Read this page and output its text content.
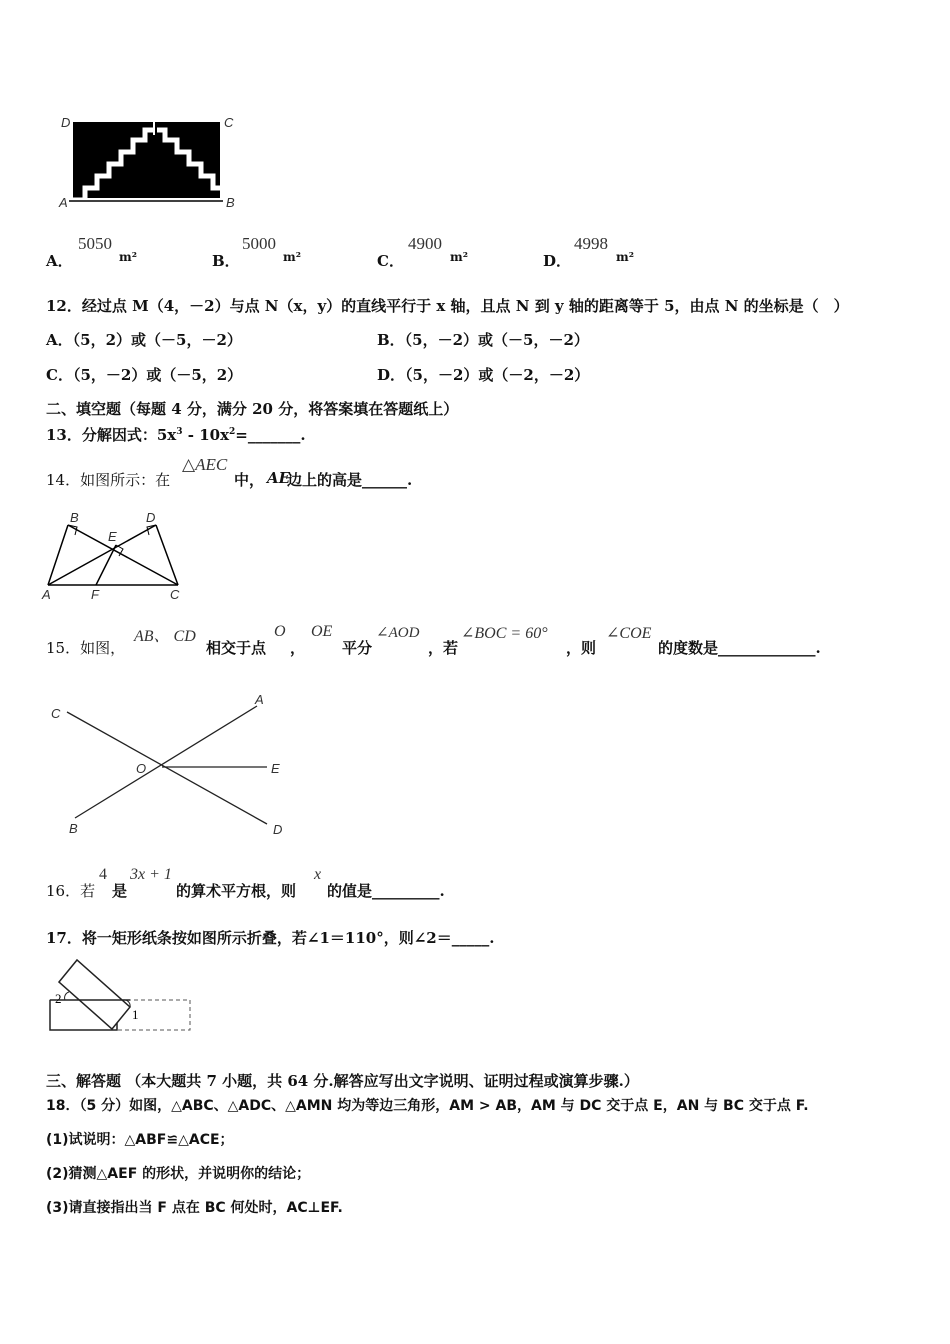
D	C
A	B
A．
5050
m²	B．
5000
m²	C．
4900
m²	D．
4998
m²
12．经过点 M（4，－2）与点 N（x，y）的直线平行于 x 轴，且点 N 到 y 轴的距离等于 5，由点 N 的坐标是（　）
A．（5，2）或（－5，－2）	B．（5，－2）或（－5，－2）
C．（5，－2）或（－5，2）	D．（5，－2）或（－2，－2）
二、填空题（每题 4 分，满分 20 分，将答案填在答题纸上）
13．分解因式：$5x^3$ - $10x^2=\_\_\_\_\_\_\_$.
14．如图所示：在
△AEC
中， AE
边上的高是______.
B	D
E
A	F	C
15．如图，
AB、 CD
相交于点
O
，
OE
平分
∠AOD
，若
∠BOC = 60°
，则
∠COE
的度数是_____________.
C
A
O	E
B	D
16．若
4
是
3x + 1
的算术平方根，则
x
的值是_________.
17．将一矩形纸条按如图所示折叠，若∠1＝110°，则∠2＝_____.
2
1
三、解答题 （本大题共 7 小题，共 64 分.解答应写出文字说明、证明过程或演算步骤.）
18．（5 分）如图，△ABC、△ADC、△AMN 均为等边三角形，AM > AB，AM 与 DC 交于点 E，AN 与 BC 交于点 F.
(1)试说明：△ABF≌△ACE；
(2)猜测△AEF 的形状，并说明你的结论；
(3)请直接指出当 F 点在 BC 何处时，AC⊥EF.
